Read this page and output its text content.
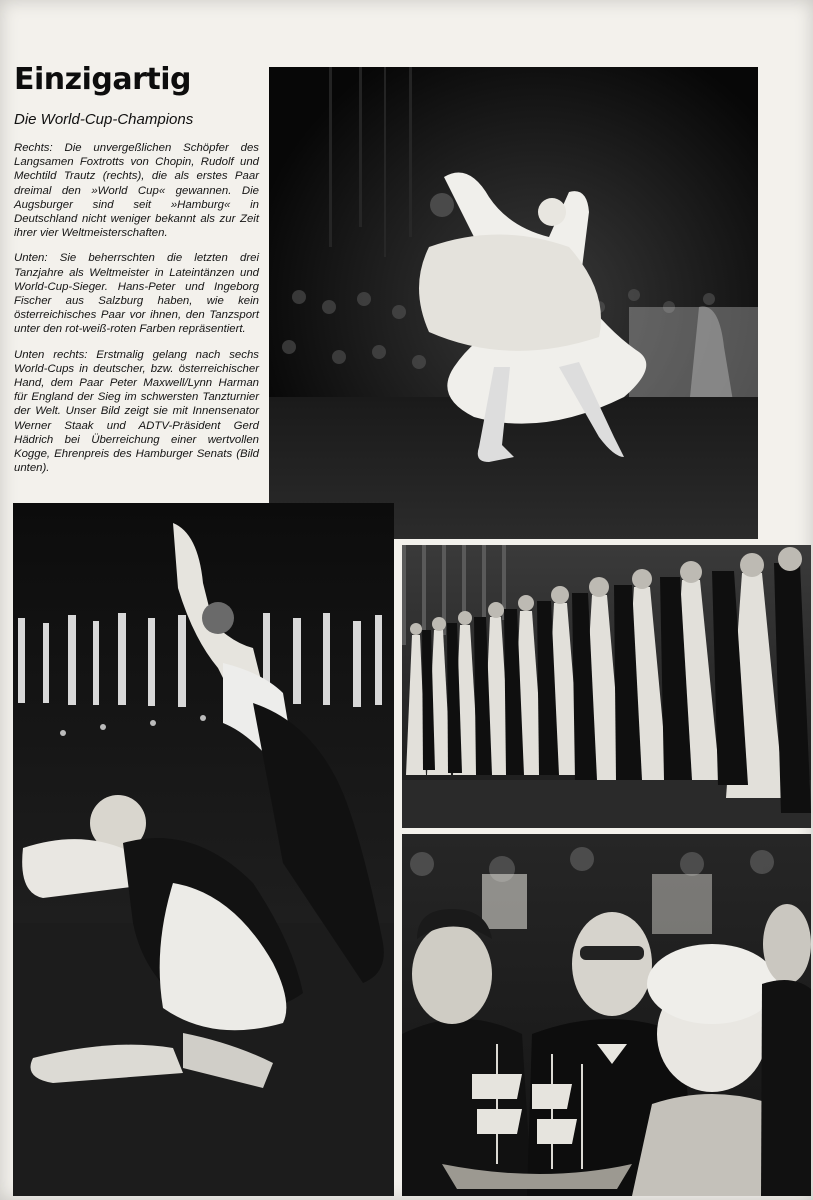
Einzigartig
Die World-Cup-Champions

Rechts: Die unvergeßlichen Schöpfer des Langsamen Foxtrotts von Chopin, Rudolf und Mechtild Trautz (rechts), die als erstes Paar dreimal den »World Cup« gewannen. Die Augsburger sind seit »Hamburg« in Deutschland nicht weniger bekannt als zur Zeit ihrer vier Weltmeisterschaften.

Unten: Sie beherrschten die letzten drei Tanzjahre als Weltmeister in Lateintänzen und World-Cup-Sieger. Hans-Peter und Ingeborg Fischer aus Salzburg haben, wie kein österreichisches Paar vor ihnen, den Tanzsport unter den rot-weiß-roten Farben repräsentiert.

Unten rechts: Erstmalig gelang nach sechs World-Cups in deutscher, bzw. österreichischer Hand, dem Paar Peter Maxwell/Lynn Harman für England der Sieg im schwersten Tanzturnier der Welt. Unser Bild zeigt sie mit Innensenator Werner Staak und ADTV-Präsident Gerd Hädrich bei Überreichung einer wertvollen Kogge, Ehrenpreis des Hamburger Senats (Bild unten).
